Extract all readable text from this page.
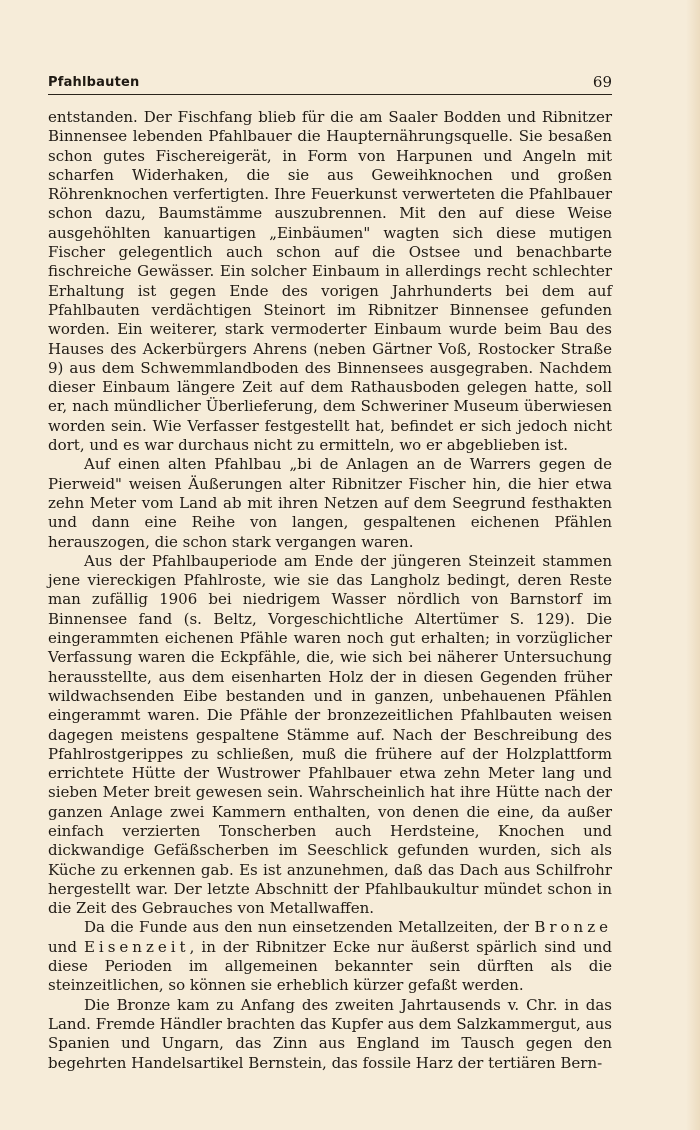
Pfahlbauten	69

entstanden. Der Fischfang blieb für die am Saaler Bodden und Ribnitzer Binnensee lebenden Pfahlbauer die Haupternährungsquelle. Sie besaßen schon gutes Fischereigerät, in Form von Harpunen und Angeln mit scharfen Widerhaken, die sie aus Geweihknochen und großen Röhrenknochen verfertigten. Ihre Feuerkunst verwerteten die Pfahlbauer schon dazu, Baumstämme auszubrennen. Mit den auf diese Weise ausgehöhlten kanuartigen „Einbäumen" wagten sich diese mutigen Fischer gelegentlich auch schon auf die Ostsee und benachbarte fischreiche Gewässer. Ein solcher Einbaum in allerdings recht schlechter Erhaltung ist gegen Ende des vorigen Jahrhunderts bei dem auf Pfahlbauten verdächtigen Steinort im Ribnitzer Binnensee gefunden worden. Ein weiterer, stark vermoderter Einbaum wurde beim Bau des Hauses des Ackerbürgers Ahrens (neben Gärtner Voß, Rostocker Straße 9) aus dem Schwemmlandboden des Binnensees ausgegraben. Nachdem dieser Einbaum längere Zeit auf dem Rathausboden gelegen hatte, soll er, nach mündlicher Überlieferung, dem Schweriner Museum überwiesen worden sein. Wie Verfasser festgestellt hat, befindet er sich jedoch nicht dort, und es war durchaus nicht zu ermitteln, wo er abgeblieben ist.

Auf einen alten Pfahlbau „bi de Anlagen an de Warrers gegen de Pierweid" weisen Äußerungen alter Ribnitzer Fischer hin, die hier etwa zehn Meter vom Land ab mit ihren Netzen auf dem Seegrund festhakten und dann eine Reihe von langen, gespaltenen eichenen Pfählen herauszogen, die schon stark vergangen waren.

Aus der Pfahlbauperiode am Ende der jüngeren Steinzeit stammen jene viereckigen Pfahlroste, wie sie das Langholz bedingt, deren Reste man zufällig 1906 bei niedrigem Wasser nördlich von Barnstorf im Binnensee fand (s. Beltz, Vorgeschichtliche Altertümer S. 129). Die eingerammten eichenen Pfähle waren noch gut erhalten; in vorzüglicher Verfassung waren die Eckpfähle, die, wie sich bei näherer Untersuchung herausstellte, aus dem eisenharten Holz der in diesen Gegenden früher wildwachsenden Eibe bestanden und in ganzen, unbehauenen Pfählen eingerammt waren. Die Pfähle der bronzezeitlichen Pfahlbauten weisen dagegen meistens gespaltene Stämme auf. Nach der Beschreibung des Pfahlrostgerippes zu schließen, muß die frühere auf der Holzplattform errichtete Hütte der Wustrower Pfahlbauer etwa zehn Meter lang und sieben Meter breit gewesen sein. Wahrscheinlich hat ihre Hütte nach der ganzen Anlage zwei Kammern enthalten, von denen die eine, da außer einfach verzierten Tonscherben auch Herdsteine, Knochen und dickwandige Gefäßscherben im Seeschlick gefunden wurden, sich als Küche zu erkennen gab. Es ist anzunehmen, daß das Dach aus Schilfrohr hergestellt war. Der letzte Abschnitt der Pfahlbaukultur mündet schon in die Zeit des Gebrauches von Metallwaffen.

Da die Funde aus den nun einsetzenden Metallzeiten, der Bronze und Eisenzeit, in der Ribnitzer Ecke nur äußerst spärlich sind und diese Perioden im allgemeinen bekannter sein dürften als die steinzeitlichen, so können sie erheblich kürzer gefaßt werden.

Die Bronze kam zu Anfang des zweiten Jahrtausends v. Chr. in das Land. Fremde Händler brachten das Kupfer aus dem Salzkammergut, aus Spanien und Ungarn, das Zinn aus England im Tausch gegen den begehrten Handelsartikel Bernstein, das fossile Harz der tertiären Bern-
